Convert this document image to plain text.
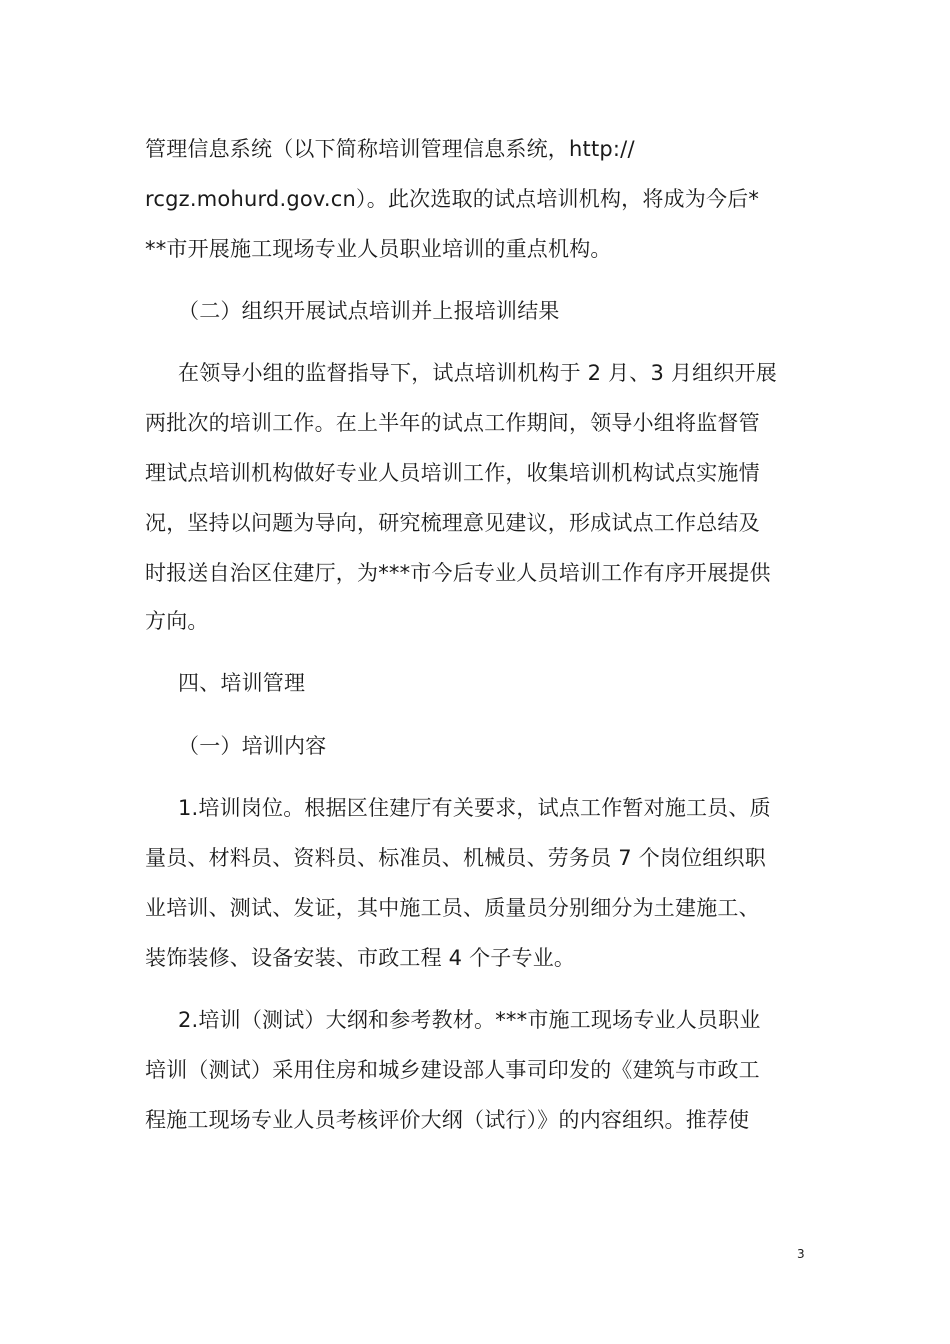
管理信息系统（以下简称培训管理信息系统，http://
rcgz.mohurd.gov.cn）。此次选取的试点培训机构，将成为今后*
**市开展施工现场专业人员职业培训的重点机构。
（二）组织开展试点培训并上报培训结果
在领导小组的监督指导下，试点培训机构于 2 月、3 月组织开展
两批次的培训工作。在上半年的试点工作期间，领导小组将监督管
理试点培训机构做好专业人员培训工作，收集培训机构试点实施情
况，坚持以问题为导向，研究梳理意见建议，形成试点工作总结及
时报送自治区住建厅，为***市今后专业人员培训工作有序开展提供
方向。
四、培训管理
（一）培训内容
1.培训岗位。根据区住建厅有关要求，试点工作暂对施工员、质
量员、材料员、资料员、标准员、机械员、劳务员 7 个岗位组织职
业培训、测试、发证，其中施工员、质量员分别细分为土建施工、
装饰装修、设备安装、市政工程 4 个子专业。
2.培训（测试）大纲和参考教材。***市施工现场专业人员职业
培训（测试）采用住房和城乡建设部人事司印发的《建筑与市政工
程施工现场专业人员考核评价大纲（试行）》的内容组织。推荐使
3
